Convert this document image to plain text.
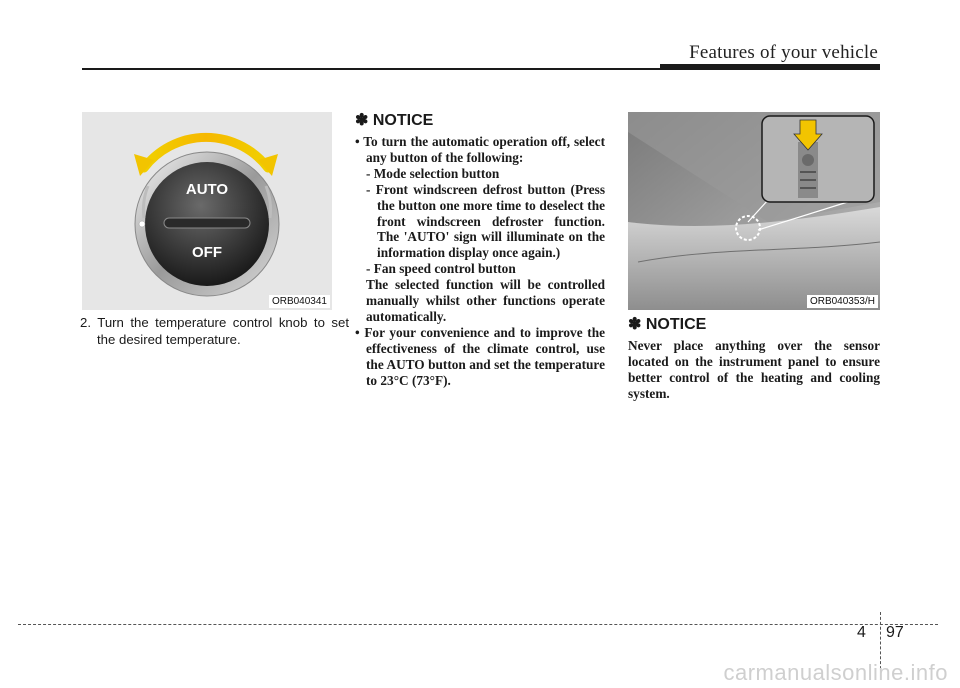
Features of your vehicle
AUTO
OFF
ORB040341
2. Turn the temperature control knob to set the desired temperature.
✽ NOTICE
• To turn the automatic operation off, select any button of the following:
- Mode selection button
- Front windscreen defrost button (Press the button one more time to deselect the front windscreen defroster function. The 'AUTO' sign will illuminate on the information display once again.)
- Fan speed control button
The selected function will be controlled manually whilst other functions operate automatically.
• For your convenience and to improve the effectiveness of the climate control, use the AUTO button and set the temperature to 23°C (73°F).
ORB040353/H
✽ NOTICE
Never place anything over the sensor located on the instrument panel to ensure better control of the heating and cooling system.
4 97
carmanualsonline.info
